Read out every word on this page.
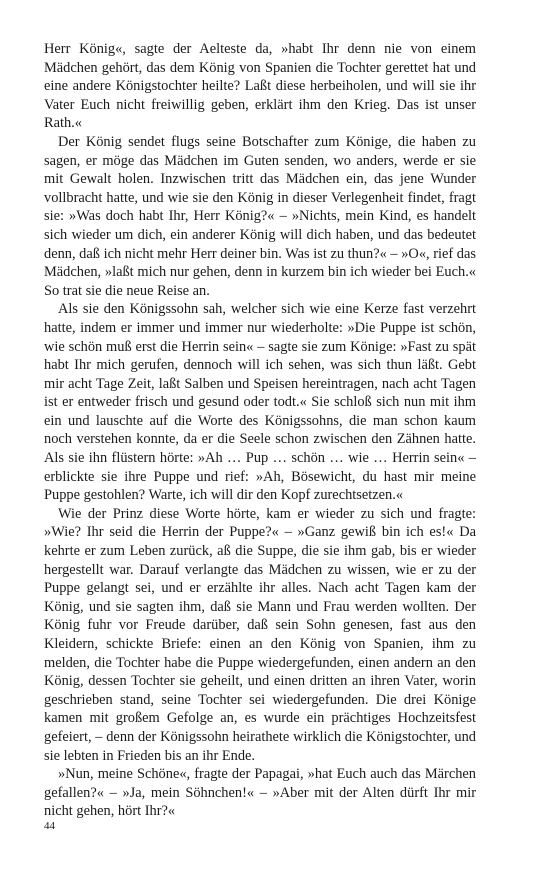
Herr König«, sagte der Aelteste da, »habt Ihr denn nie von einem Mädchen gehört, das dem König von Spanien die Tochter gerettet hat und eine andere Königstochter heilte? Laßt diese herbeiholen, und will sie ihr Vater Euch nicht freiwillig geben, erklärt ihm den Krieg. Das ist unser Rath.«

Der König sendet flugs seine Botschafter zum Könige, die haben zu sagen, er möge das Mädchen im Guten senden, wo anders, werde er sie mit Gewalt holen. Inzwischen tritt das Mädchen ein, das jene Wunder vollbracht hatte, und wie sie den König in dieser Verlegenheit findet, fragt sie: »Was doch habt Ihr, Herr König?« – »Nichts, mein Kind, es handelt sich wieder um dich, ein anderer König will dich haben, und das bedeutet denn, daß ich nicht mehr Herr deiner bin. Was ist zu thun?« – »O«, rief das Mädchen, »laßt mich nur gehen, denn in kurzem bin ich wieder bei Euch.« So trat sie die neue Reise an.

Als sie den Königssohn sah, welcher sich wie eine Kerze fast verzehrt hatte, indem er immer und immer nur wiederholte: »Die Puppe ist schön, wie schön muß erst die Herrin sein« – sagte sie zum Könige: »Fast zu spät habt Ihr mich gerufen, dennoch will ich sehen, was sich thun läßt. Gebt mir acht Tage Zeit, laßt Salben und Speisen hereintragen, nach acht Tagen ist er entweder frisch und gesund oder todt.« Sie schloß sich nun mit ihm ein und lauschte auf die Worte des Königssohns, die man schon kaum noch verstehen konnte, da er die Seele schon zwischen den Zähnen hatte. Als sie ihn flüstern hörte: »Ah … Pup … schön … wie … Herrin sein« – erblickte sie ihre Puppe und rief: »Ah, Bösewicht, du hast mir meine Puppe gestohlen? Warte, ich will dir den Kopf zurechtsetzen.«

Wie der Prinz diese Worte hörte, kam er wieder zu sich und fragte: »Wie? Ihr seid die Herrin der Puppe?« – »Ganz gewiß bin ich es!« Da kehrte er zum Leben zurück, aß die Suppe, die sie ihm gab, bis er wieder hergestellt war. Darauf verlangte das Mädchen zu wissen, wie er zu der Puppe gelangt sei, und er erzählte ihr alles. Nach acht Tagen kam der König, und sie sagten ihm, daß sie Mann und Frau werden wollten. Der König fuhr vor Freude darüber, daß sein Sohn genesen, fast aus den Kleidern, schickte Briefe: einen an den König von Spanien, ihm zu melden, die Tochter habe die Puppe wiedergefunden, einen andern an den König, dessen Tochter sie geheilt, und einen dritten an ihren Vater, worin geschrieben stand, seine Tochter sei wiedergefunden. Die drei Könige kamen mit großem Gefolge an, es wurde ein prächtiges Hochzeitsfest gefeiert, – denn der Königssohn heirathete wirklich die Königstochter, und sie lebten in Frieden bis an ihr Ende.

»Nun, meine Schöne«, fragte der Papagai, »hat Euch auch das Märchen gefallen?« – »Ja, mein Söhnchen!« – »Aber mit der Alten dürft Ihr mir nicht gehen, hört Ihr?«

44
